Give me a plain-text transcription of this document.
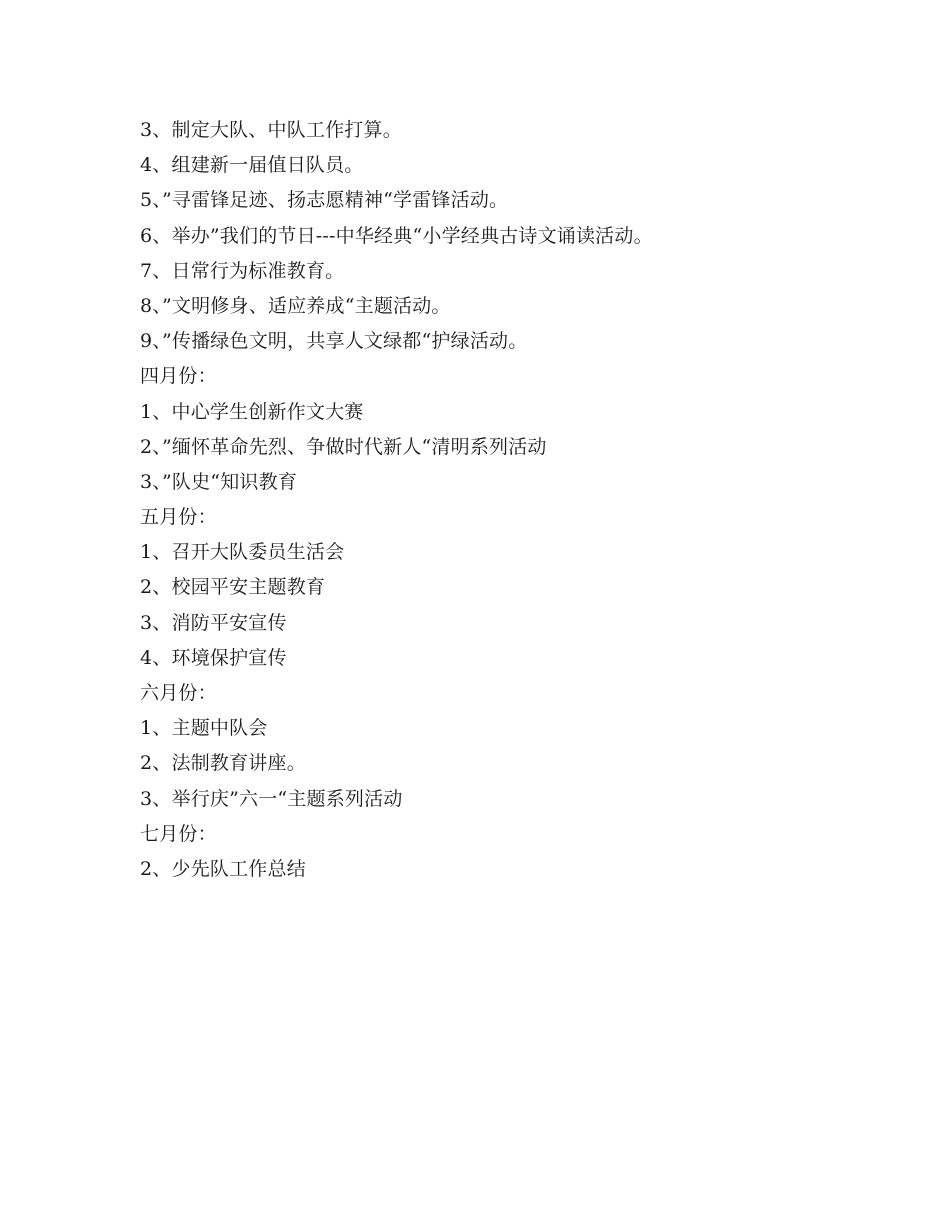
3、制定大队、中队工作打算。
4、组建新一届值日队员。
5、”寻雷锋足迹、扬志愿精神“学雷锋活动。
6、举办”我们的节日---中华经典“小学经典古诗文诵读活动。
7、日常行为标准教育。
8、”文明修身、适应养成“主题活动。
9、”传播绿色文明，共享人文绿都“护绿活动。
四月份：
1、中心学生创新作文大赛
2、”缅怀革命先烈、争做时代新人“清明系列活动
3、”队史“知识教育
五月份：
1、召开大队委员生活会
2、校园平安主题教育
3、消防平安宣传
4、环境保护宣传
六月份：
1、主题中队会
2、法制教育讲座。
3、举行庆”六一“主题系列活动
七月份：
2、少先队工作总结
